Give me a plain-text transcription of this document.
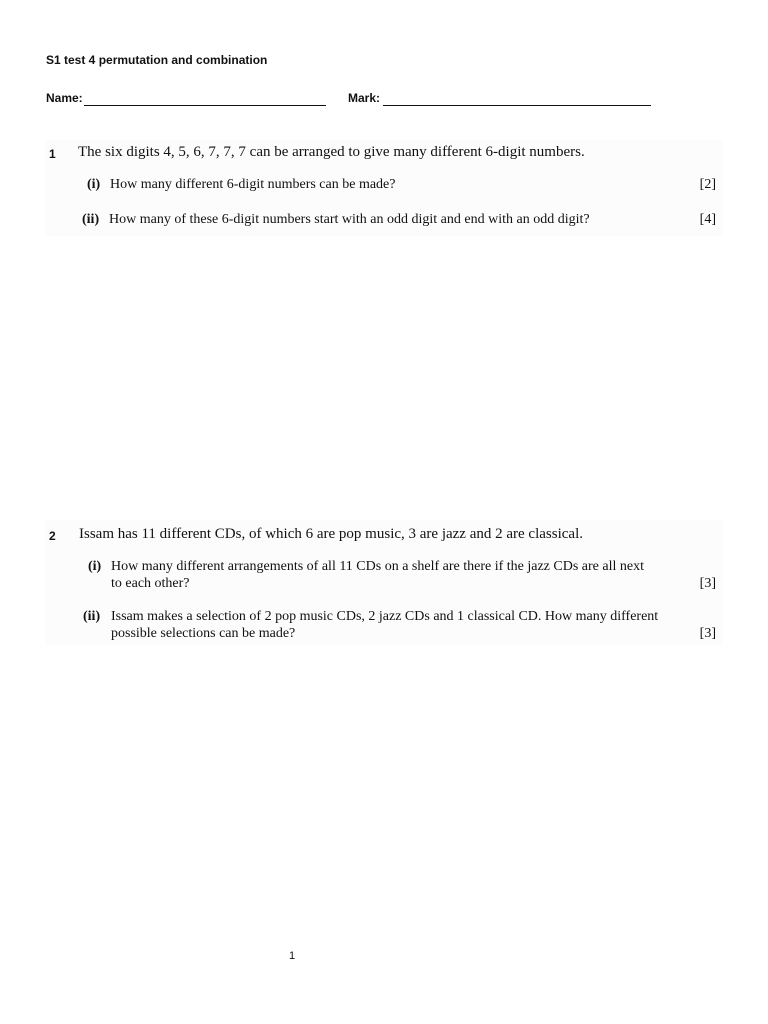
S1 test 4 permutation and combination
Name:	Mark:
1 The six digits 4, 5, 6, 7, 7, 7 can be arranged to give many different 6-digit numbers.
(i) How many different 6-digit numbers can be made?	[2]
(ii) How many of these 6-digit numbers start with an odd digit and end with an odd digit?	[4]
2 Issam has 11 different CDs, of which 6 are pop music, 3 are jazz and 2 are classical.
(i) How many different arrangements of all 11 CDs on a shelf are there if the jazz CDs are all next
to each other?	[3]
(ii) Issam makes a selection of 2 pop music CDs, 2 jazz CDs and 1 classical CD. How many different
possible selections can be made?	[3]
1
